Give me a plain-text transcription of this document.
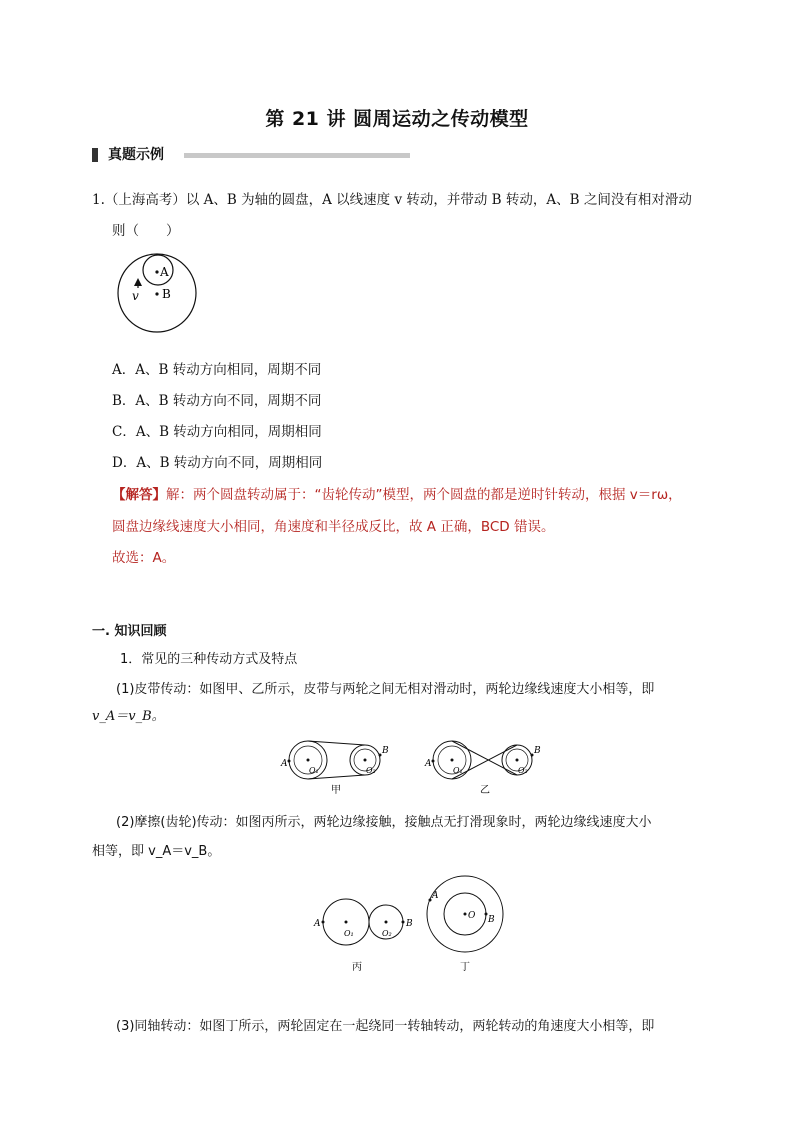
第 21 讲 圆周运动之传动模型
真题示例
1.（上海高考）以 A、B 为轴的圆盘，A 以线速度 v 转动，并带动 B 转动，A、B 之间没有相对滑动
则（　　）
A
B
v
A．A、B 转动方向相同，周期不同
B．A、B 转动方向不同，周期不同
C．A、B 转动方向相同，周期相同
D．A、B 转动方向不同，周期相同
【解答】解：两个圆盘转动属于：“齿轮传动”模型，两个圆盘的都是逆时针转动，根据 v＝rω，
圆盘边缘线速度大小相同，角速度和半径成反比，故 A 正确，BCD 错误。
故选：A。
一. 知识回顾
1．常见的三种传动方式及特点
(1)皮带传动：如图甲、乙所示，皮带与两轮之间无相对滑动时，两轮边缘线速度大小相等，即
v_A＝v_B。
A
B
O₁	O₂
甲
A
B
O₁	O₂
乙
(2)摩擦(齿轮)传动：如图丙所示，两轮边缘接触，接触点无打滑现象时，两轮边缘线速度大小
相等，即 v_A＝v_B。
A	B
O₁	O₂
丙
A
B
O
丁
(3)同轴转动：如图丁所示，两轮固定在一起绕同一转轴转动，两轮转动的角速度大小相等，即
